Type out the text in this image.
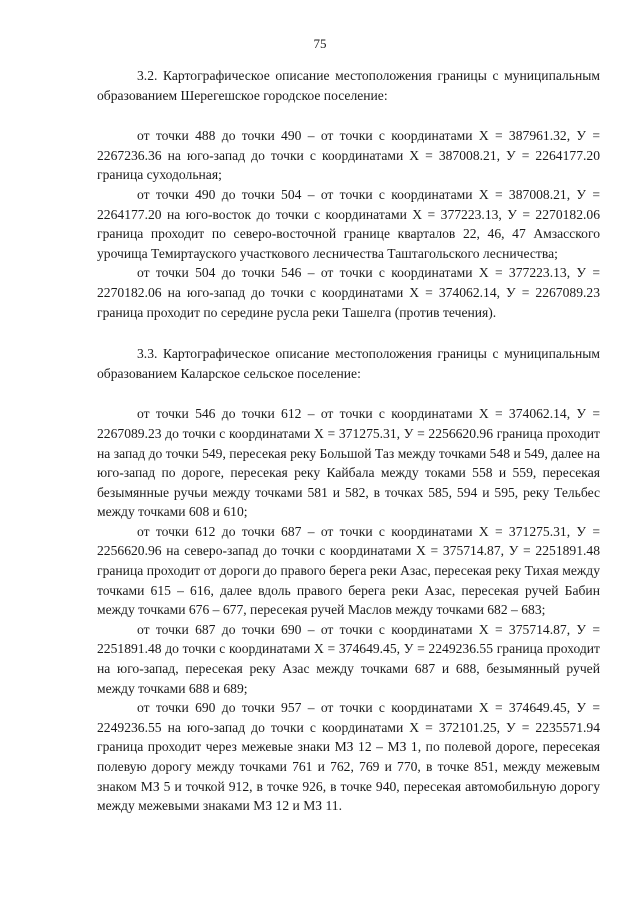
75

3.2. Картографическое описание местоположения границы с муниципальным образованием Шерегешское городское поселение:

от точки 488 до точки 490 – от точки с координатами Х = 387961.32, У = 2267236.36 на юго-запад до точки с координатами Х = 387008.21, У = 2264177.20 граница суходольная;

от точки 490 до точки 504 – от точки с координатами Х = 387008.21, У = 2264177.20 на юго-восток до точки с координатами Х = 377223.13, У = 2270182.06 граница проходит по северо-восточной границе кварталов 22, 46, 47 Амзасского урочища Темиртауского участкового лесничества Таштагольского лесничества;

от точки 504 до точки 546 – от точки с координатами Х = 377223.13, У = 2270182.06 на юго-запад до точки с координатами Х = 374062.14, У = 2267089.23 граница проходит по середине русла реки Ташелга (против течения).

3.3. Картографическое описание местоположения границы с муниципальным образованием Каларское сельское поселение:

от точки 546 до точки 612 – от точки с координатами Х = 374062.14, У = 2267089.23 до точки с координатами Х = 371275.31, У = 2256620.96 граница проходит на запад до точки 549, пересекая реку Большой Таз между точками 548 и 549, далее на юго-запад по дороге, пересекая реку Кайбала между токами 558 и 559, пересекая безымянные ручьи между точками 581 и 582, в точках 585, 594 и 595, реку Тельбес между точками 608 и 610;

от точки 612 до точки 687 – от точки с координатами Х = 371275.31, У = 2256620.96 на северо-запад до точки с координатами Х = 375714.87, У = 2251891.48 граница проходит от дороги до правого берега реки Азас, пересекая реку Тихая между точками 615 – 616, далее вдоль правого берега реки Азас, пересекая ручей Бабин между точками 676 – 677, пересекая ручей Маслов между точками 682 – 683;

от точки 687 до точки 690 – от точки с координатами Х = 375714.87, У = 2251891.48 до точки с координатами Х = 374649.45, У = 2249236.55 граница проходит на юго-запад, пересекая реку Азас между точками 687 и 688, безымянный ручей между точками 688 и 689;

от точки 690 до точки 957 – от точки с координатами Х = 374649.45, У = 2249236.55 на юго-запад до точки с координатами Х = 372101.25, У = 2235571.94 граница проходит через межевые знаки МЗ 12 – МЗ 1, по полевой дороге, пересекая полевую дорогу между точками 761 и 762, 769 и 770, в точке 851, между межевым знаком МЗ 5 и точкой 912, в точке 926, в точке 940, пересекая автомобильную дорогу между межевыми знаками МЗ 12 и МЗ 11.
